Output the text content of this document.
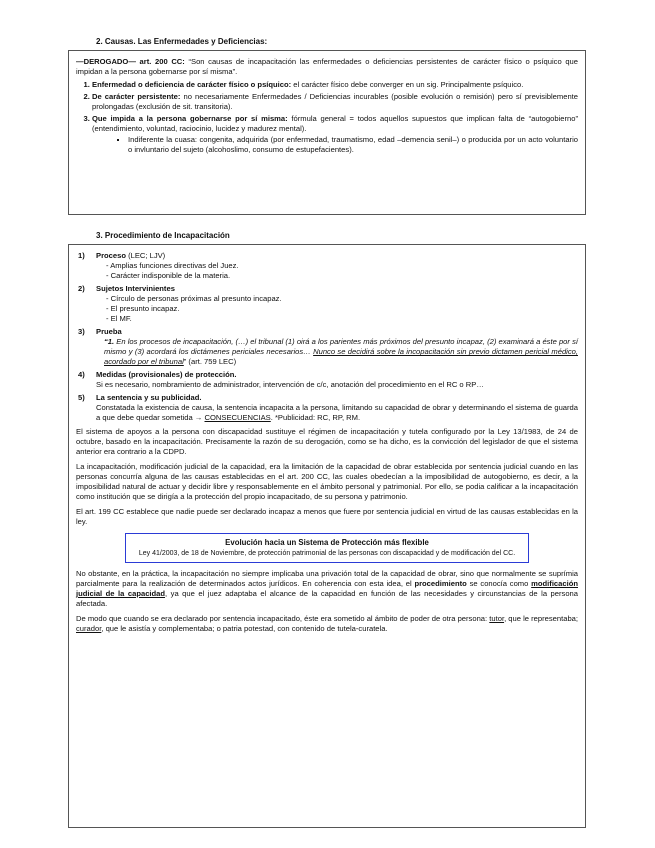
2. Causas. Las Enfermedades y Deficiencias:

—DEROGADO— art. 200 CC: “Son causas de incapacitación las enfermedades o deficiencias persistentes de carácter físico o psíquico que impidan a la persona gobernarse por sí misma”.

1. Enfermedad o deficiencia de carácter físico o psíquico: el carácter físico debe converger en un sig. Principalmente psíquico.
2. De carácter persistente: no necesariamente Enfermedades / Deficiencias incurables (posible evolución o remisión) pero sí previsiblemente prolongadas (exclusión de sit. transitoria).
3. Que impida a la persona gobernarse por sí misma: fórmula general = todos aquellos supuestos que implican falta de “autogobierno” (entendimiento, voluntad, raciocinio, lucidez y madurez mental).
▪ Indiferente la cuasa: congenita, adquirida (por enfermedad, traumatismo, edad –demencia senil–) o producida por un acto voluntario o invluntario del sujeto (alcohoslimo, consumo de estupefacientes).
3. Procedimiento de Incapacitación
1) Proceso (LEC; LJV)
- Amplias funciones directivas del Juez.
- Carácter indisponible de la materia.
2) Sujetos Intervinientes
- Círculo de personas próximas al presunto incapaz.
- El presunto incapaz.
- El MF.
3) Prueba

“1. En los procesos de incapacitación, (…) el tribunal (1) oirá a los parientes más próximos del presunto incapaz, (2) examinará a éste por sí mismo y (3) acordará los dictámenes periciales necesarios… Nunco se decidirá sobre la incopacitación sin previo dictamen pericial médico, acordado por el tribunal” (art. 759 LEC)

4) Medidas (provisionales) de protección.

Si es necesario, nombramiento de administrador, intervención de c/c, anotación del procedimiento en el RC o RP…

5) La sentencia y su publicidad.

Constatada la existencia de causa, la sentencia incapacita a la persona, limitando su capacidad de obrar y determinando el sistema de guarda a que debe quedar sometida → CONSECUENCIAS. *Publicidad: RC, RP, RM.

El sistema de apoyos a la persona con discapacidad sustituye el régimen de incapacitación y tutela configurado por la Ley 13/1983, de 24 de octubre, basado en la incapacitación. Precisamente la razón de su derogación, como se ha dicho, es la convicción del legislador de que el sistema anterior era contrario a la CDPD.

La incapacitación, modificación judicial de la capacidad, era la limitación de la capacidad de obrar establecida por sentencia judicial cuando en las personas concurría alguna de las causas establecidas en el art. 200 CC, las cuales obedecían a la imposibilidad de autogobierno, es decir, a la imposibilidad natural de actuar y decidir libre y responsablemente en el ámbito personal y patrimonial. Por ello, se podia calificar a la incapacitación como institución que se dirigía a la protección del propio incapacitado, de su persona y patrimonio.

El art. 199 CC establece que nadie puede ser declarado incapaz a menos que fuere por sentencia judicial en virtud de las causas establecidas en la ley.

Evolución hacia un Sistema de Protección más flexible
Ley 41/2003, de 18 de Noviembre, de protección patrimonial de las personas con discapacidad y de modificación del CC.

No obstante, en la práctica, la incapacitación no siempre implicaba una privación total de la capacidad de obrar, sino que normalmente se suprímia parcialmente para la realización de determinados actos jurídicos. En coherencia con esta idea, el procedimiento se conocía como modificación judicial de la capacidad, ya que el juez adaptaba el alcance de la capacidad en función de las necesidades y circunstancias de la persona afectada.

De modo que cuando se era declarado por sentencia incapacitado, éste era sometido al ámbito de poder de otra persona: tutor, que le representaba; curador, que le asistía y complementaba; o patria potestad, con contenido de tutela-curatela.
